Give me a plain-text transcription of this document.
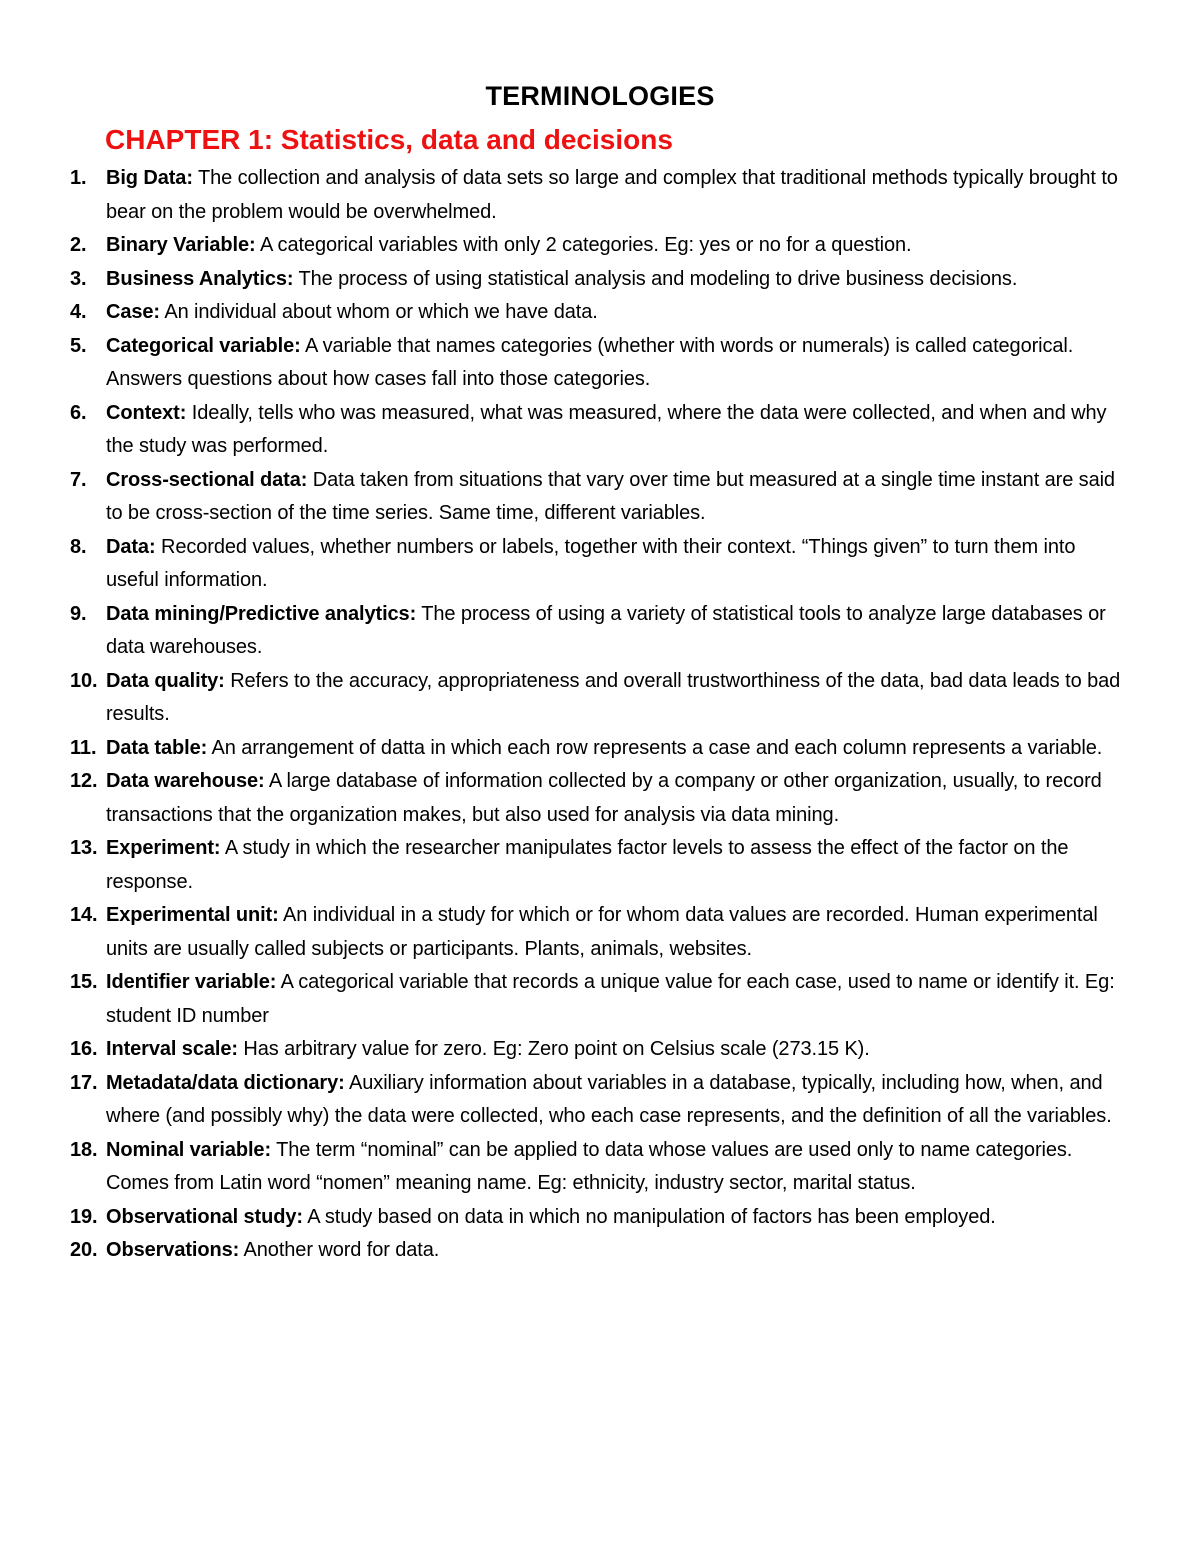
TERMINOLOGIES
CHAPTER 1: Statistics, data and decisions
1. Big Data: The collection and analysis of data sets so large and complex that traditional methods typically brought to bear on the problem would be overwhelmed.
2. Binary Variable: A categorical variables with only 2 categories. Eg: yes or no for a question.
3. Business Analytics: The process of using statistical analysis and modeling to drive business decisions.
4. Case: An individual about whom or which we have data.
5. Categorical variable: A variable that names categories (whether with words or numerals) is called categorical. Answers questions about how cases fall into those categories.
6. Context: Ideally, tells who was measured, what was measured, where the data were collected, and when and why the study was performed.
7. Cross-sectional data: Data taken from situations that vary over time but measured at a single time instant are said to be cross-section of the time series. Same time, different variables.
8. Data: Recorded values, whether numbers or labels, together with their context. “Things given” to turn them into useful information.
9. Data mining/Predictive analytics: The process of using a variety of statistical tools to analyze large databases or data warehouses.
10. Data quality: Refers to the accuracy, appropriateness and overall trustworthiness of the data, bad data leads to bad results.
11. Data table: An arrangement of datta in which each row represents a case and each column represents a variable.
12. Data warehouse: A large database of information collected by a company or other organization, usually, to record transactions that the organization makes, but also used for analysis via data mining.
13. Experiment: A study in which the researcher manipulates factor levels to assess the effect of the factor on the response.
14. Experimental unit: An individual in a study for which or for whom data values are recorded. Human experimental units are usually called subjects or participants. Plants, animals, websites.
15. Identifier variable: A categorical variable that records a unique value for each case, used to name or identify it. Eg: student ID number
16. Interval scale: Has arbitrary value for zero. Eg: Zero point on Celsius scale (273.15 K).
17. Metadata/data dictionary: Auxiliary information about variables in a database, typically, including how, when, and where (and possibly why) the data were collected, who each case represents, and the definition of all the variables.
18. Nominal variable: The term “nominal” can be applied to data whose values are used only to name categories. Comes from Latin word “nomen” meaning name. Eg: ethnicity, industry sector, marital status.
19. Observational study: A study based on data in which no manipulation of factors has been employed.
20. Observations: Another word for data.
